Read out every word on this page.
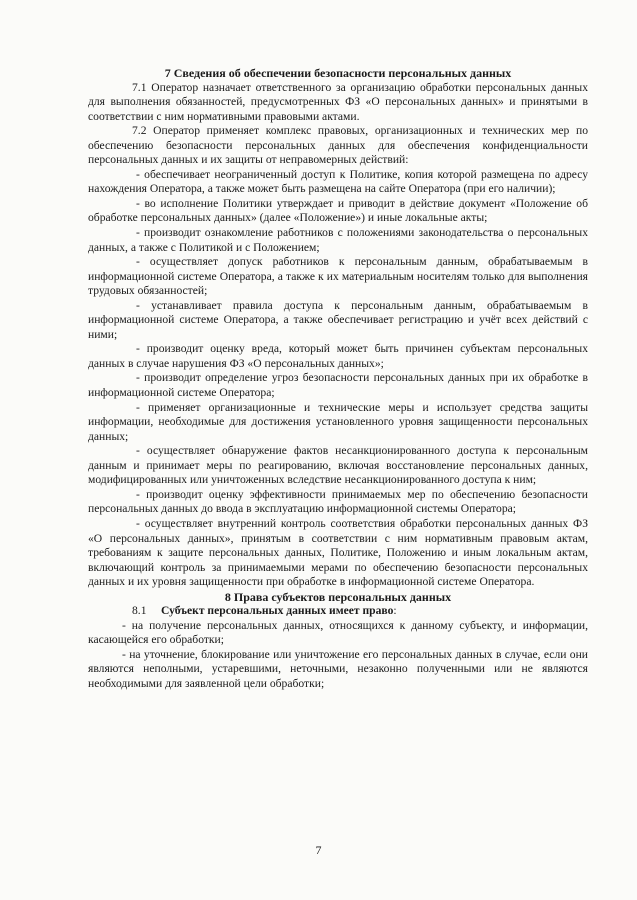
7 Сведения об обеспечении безопасности персональных данных

7.1 Оператор назначает ответственного за организацию обработки персональных данных для выполнения обязанностей, предусмотренных ФЗ «О персональных данных» и принятыми в соответствии с ним нормативными правовыми актами.

7.2 Оператор применяет комплекс правовых, организационных и технических мер по обеспечению безопасности персональных данных для обеспечения конфиденциальности персональных данных и их защиты от неправомерных действий:

- обеспечивает неограниченный доступ к Политике, копия которой размещена по адресу нахождения Оператора, а также может быть размещена на сайте Оператора (при его наличии);

- во исполнение Политики утверждает и приводит в действие документ «Положение об обработке персональных данных» (далее «Положение») и иные локальные акты;

- производит ознакомление работников с положениями законодательства о персональных данных, а также с Политикой и с Положением;

- осуществляет допуск работников к персональным данным, обрабатываемым в информационной системе Оператора, а также к их материальным носителям только для выполнения трудовых обязанностей;

- устанавливает правила доступа к персональным данным, обрабатываемым в информационной системе Оператора, а также обеспечивает регистрацию и учёт всех действий с ними;

- производит оценку вреда, который может быть причинен субъектам персональных данных в случае нарушения ФЗ «О персональных данных»;

- производит определение угроз безопасности персональных данных при их обработке в информационной системе Оператора;

- применяет организационные и технические меры и использует средства защиты информации, необходимые для достижения установленного уровня защищенности персональных данных;

- осуществляет обнаружение фактов несанкционированного доступа к персональным данным и принимает меры по реагированию, включая восстановление персональных данных, модифицированных или уничтоженных вследствие несанкционированного доступа к ним;

- производит оценку эффективности принимаемых мер по обеспечению безопасности персональных данных до ввода в эксплуатацию информационной системы Оператора;

- осуществляет внутренний контроль соответствия обработки персональных данных ФЗ «О персональных данных», принятым в соответствии с ним нормативным правовым актам, требованиям к защите персональных данных, Политике, Положению и иным локальным актам, включающий контроль за принимаемыми мерами по обеспечению безопасности персональных данных и их уровня защищенности при обработке в информационной системе Оператора.

8 Права субъектов персональных данных

8.1 Субъект персональных данных имеет право:

- на получение персональных данных, относящихся к данному субъекту, и информации, касающейся его обработки;

- на уточнение, блокирование или уничтожение его персональных данных в случае, если они являются неполными, устаревшими, неточными, незаконно полученными или не являются необходимыми для заявленной цели обработки;

7
